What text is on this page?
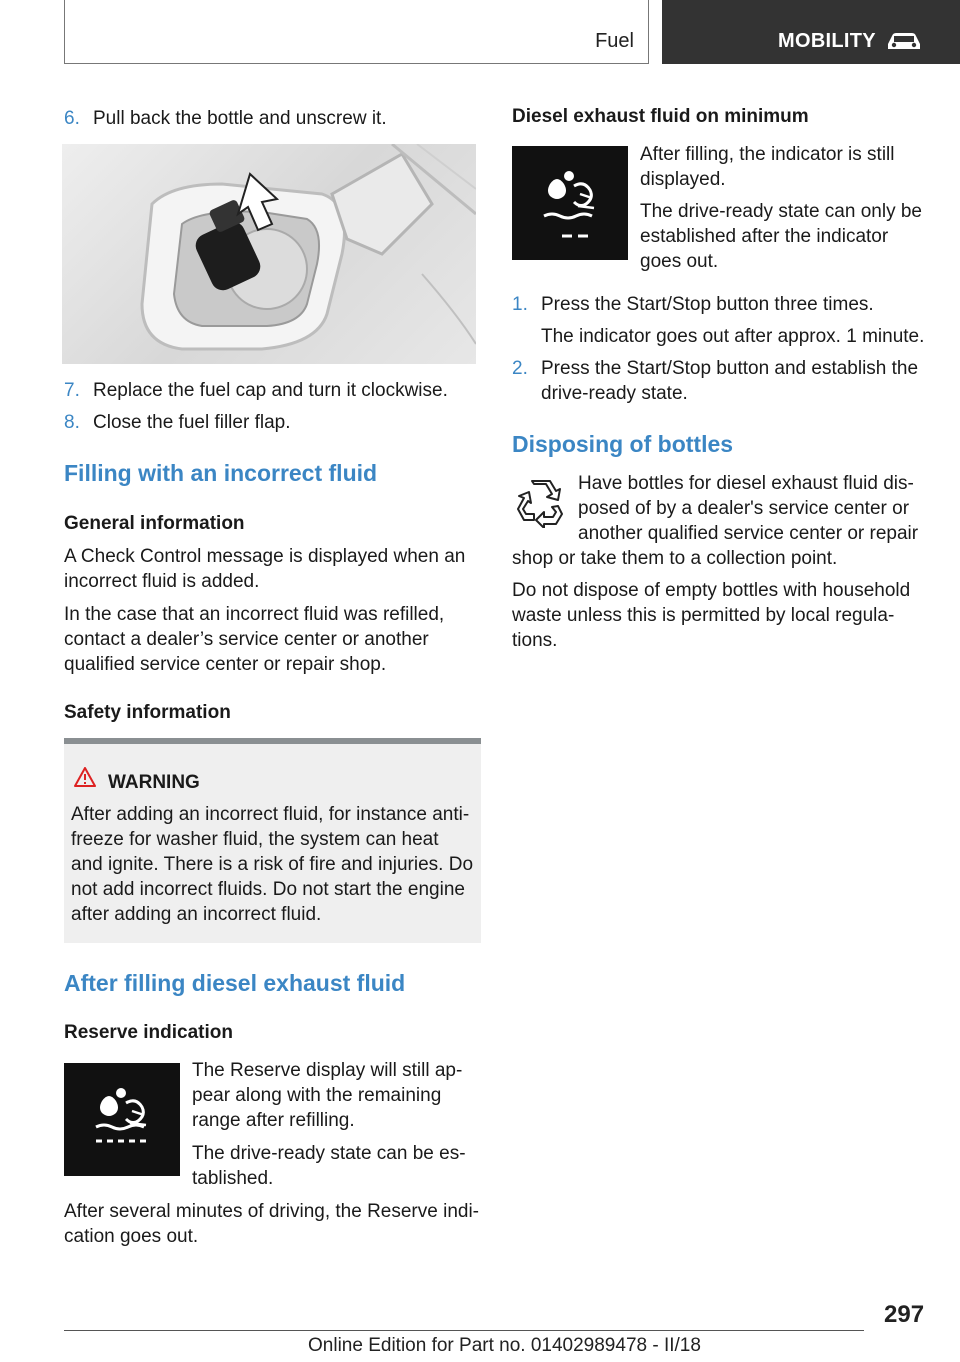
Fuel	MOBILITY
6. Pull back the bottle and unscrew it.
7. Replace the fuel cap and turn it clockwise.
8. Close the fuel filler flap.
Filling with an incorrect fluid
General information
A Check Control message is displayed when an
incorrect fluid is added.
In the case that an incorrect fluid was refilled,
contact a dealer’s service center or another
qualified service center or repair shop.
Safety information
WARNING
After adding an incorrect fluid, for instance anti-
freeze for washer fluid, the system can heat
and ignite. There is a risk of fire and injuries. Do
not add incorrect fluids. Do not start the engine
after adding an incorrect fluid.
After filling diesel exhaust fluid
Reserve indication
The Reserve display will still ap-
pear along with the remaining
range after refilling.
The drive-ready state can be es-
tablished.
After several minutes of driving, the Reserve indi-
cation goes out.
Diesel exhaust fluid on minimum
After filling, the indicator is still
displayed.
The drive-ready state can only be
established after the indicator
goes out.
1. Press the Start/Stop button three times.
The indicator goes out after approx. 1 minute.
2. Press the Start/Stop button and establish the
drive-ready state.
Disposing of bottles
Have bottles for diesel exhaust fluid dis-
posed of by a dealer's service center or
another qualified service center or repair
shop or take them to a collection point.
Do not dispose of empty bottles with household
waste unless this is permitted by local regula-
tions.
297
Online Edition for Part no. 01402989478 - II/18
